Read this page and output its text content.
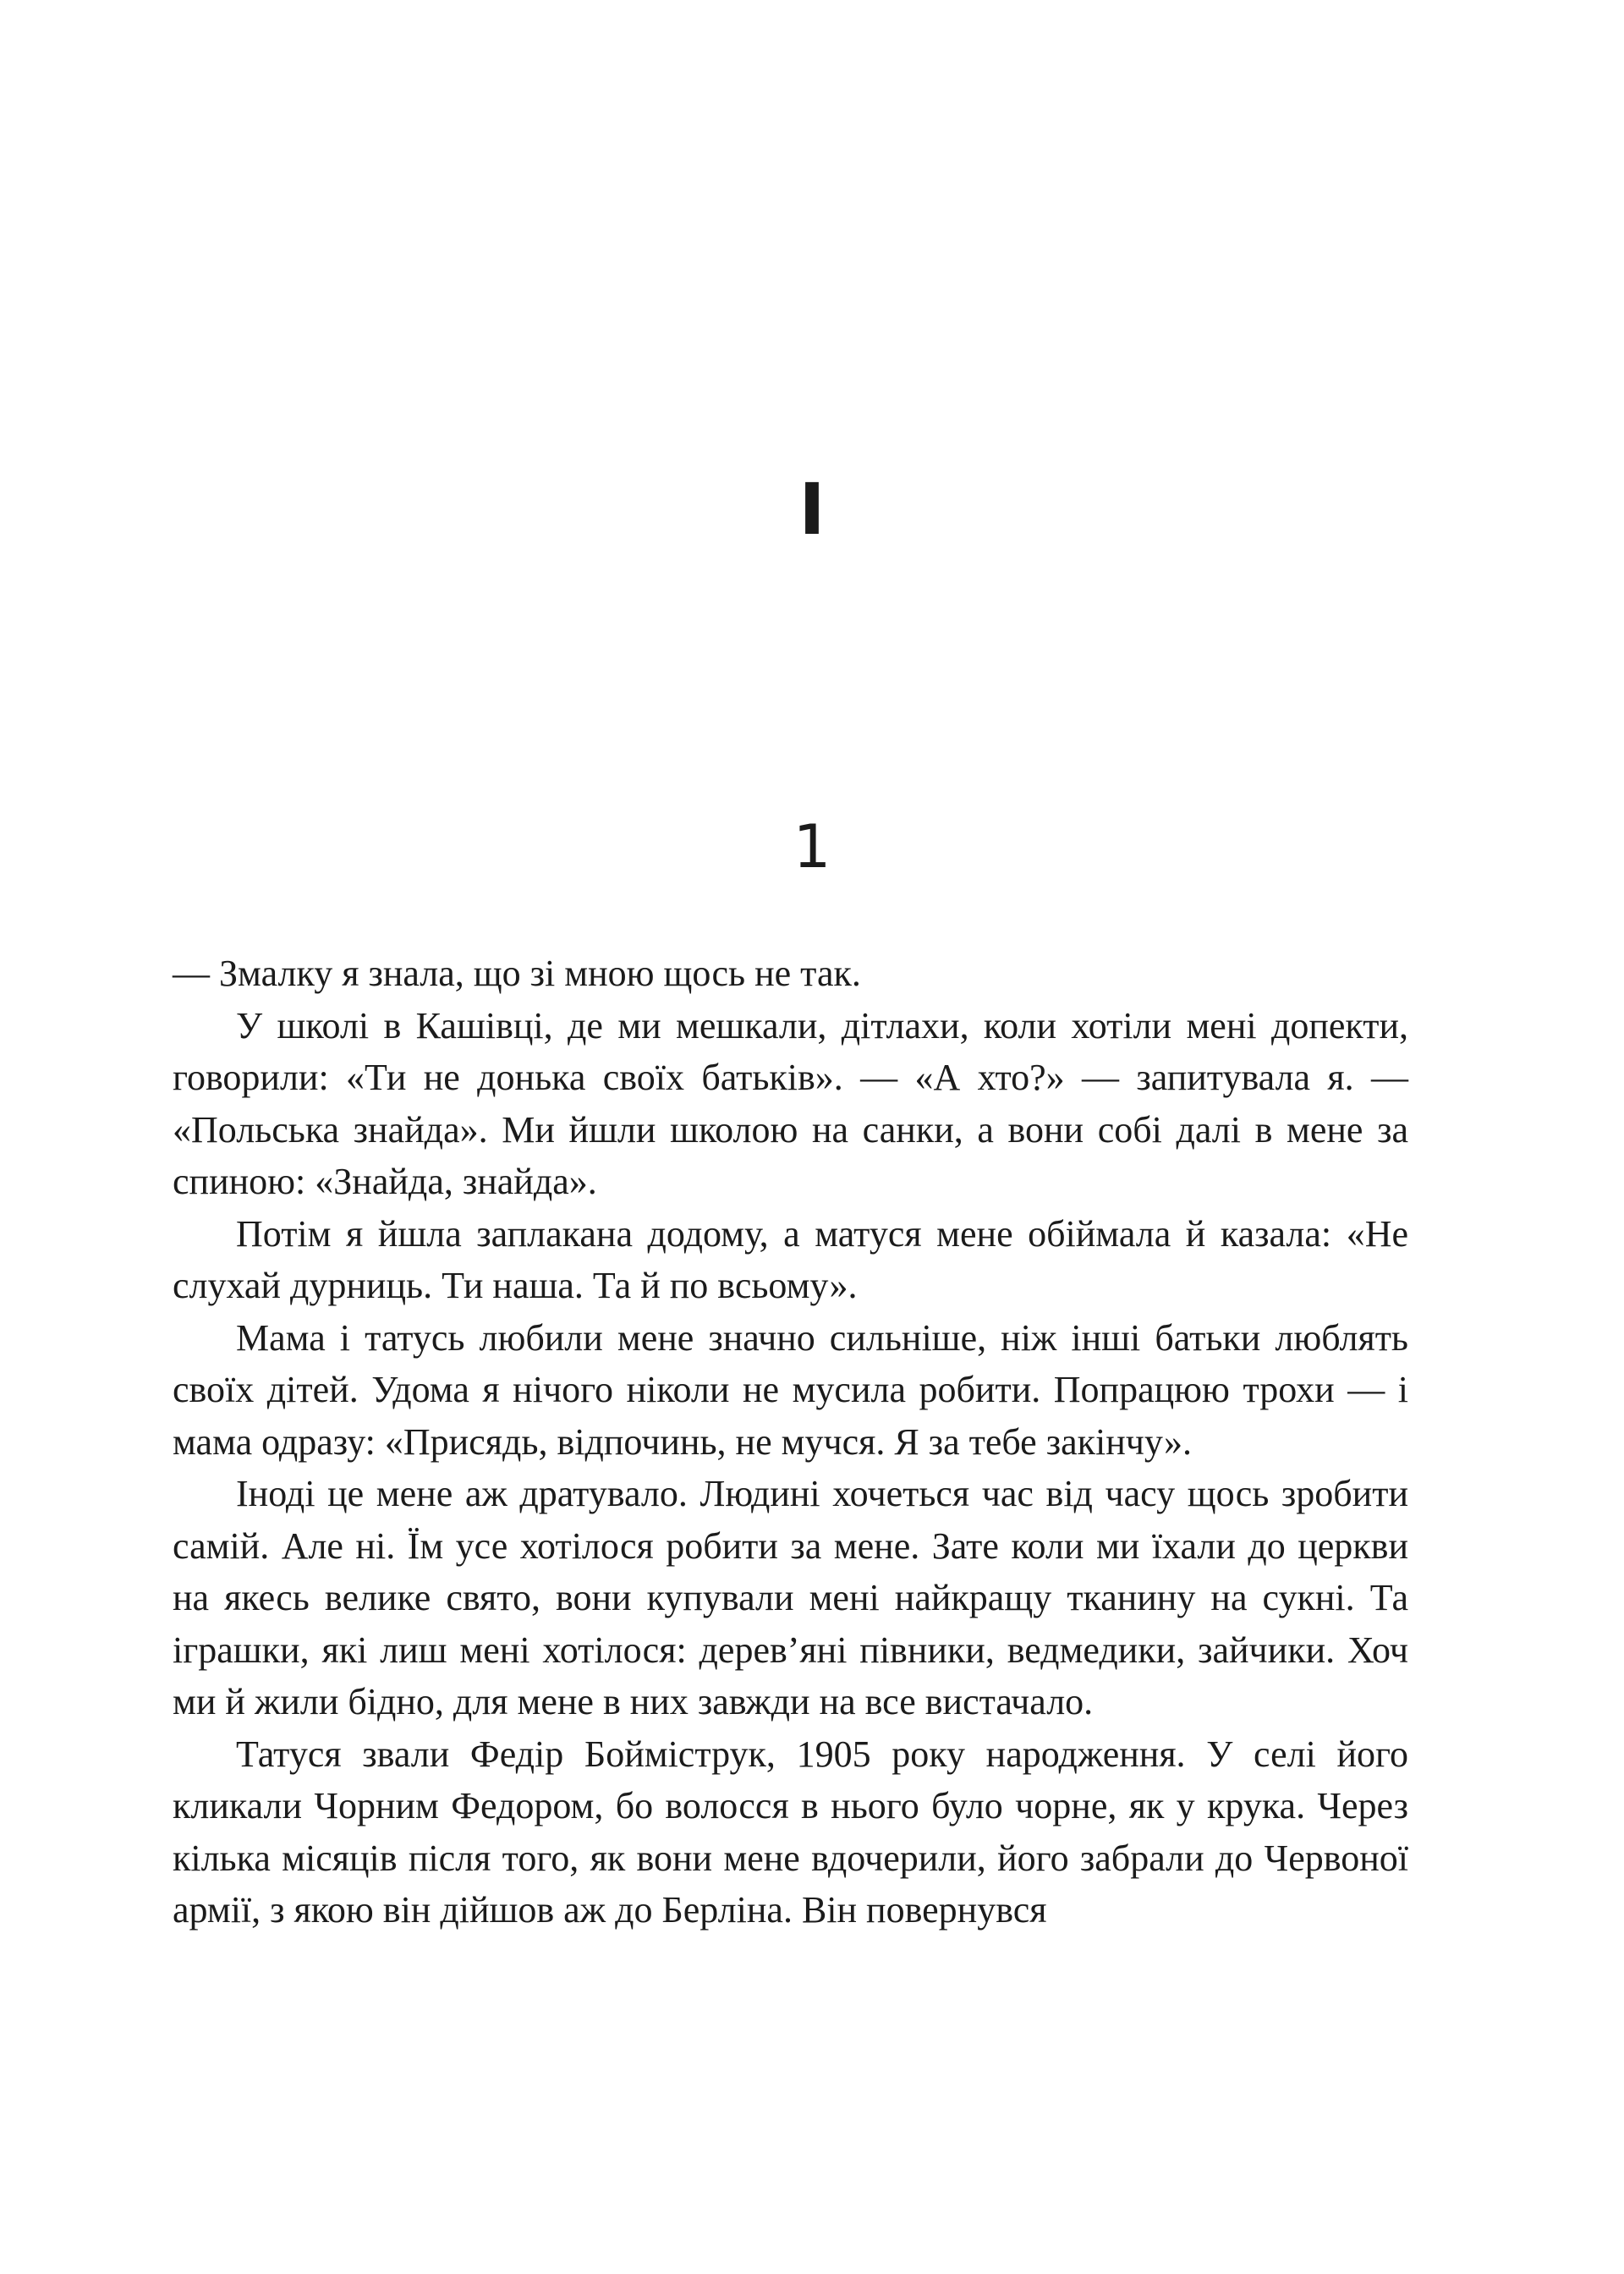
I
1

— Змалку я знала, що зі мною щось не так.

У школі в Кашівці, де ми мешкали, дітлахи, коли хотіли мені допекти, говорили: «Ти не донька своїх батьків». — «А хто?» — запитувала я. — «Польська знайда». Ми йшли школою на санки, а вони собі далі в мене за спиною: «Знайда, знайда».

Потім я йшла заплакана додому, а матуся мене обіймала й казала: «Не слухай дурниць. Ти наша. Та й по всьому».

Мама і татусь любили мене значно сильніше, ніж інші батьки люблять своїх дітей. Удома я нічого ніколи не мусила робити. Попрацюю трохи — і мама одразу: «Присядь, відпочинь, не мучся. Я за тебе закінчу».

Іноді це мене аж дратувало. Людині хочеться час від часу щось зробити самій. Але ні. Їм усе хотілося робити за мене. Зате коли ми їхали до церкви на якесь велике свято, вони купували мені найкращу тканину на сукні. Та іграшки, які лиш мені хотілося: дерев’яні півники, ведмедики, зайчики. Хоч ми й жили бідно, для мене в них завжди на все вистачало.

Татуся звали Федір Бойміструк, 1905 року народження. У селі його кликали Чорним Федором, бо волосся в нього було чорне, як у крука. Через кілька місяців після того, як вони мене вдочерили, його забрали до Червоної армії, з якою він дійшов аж до Берліна. Він повернувся
